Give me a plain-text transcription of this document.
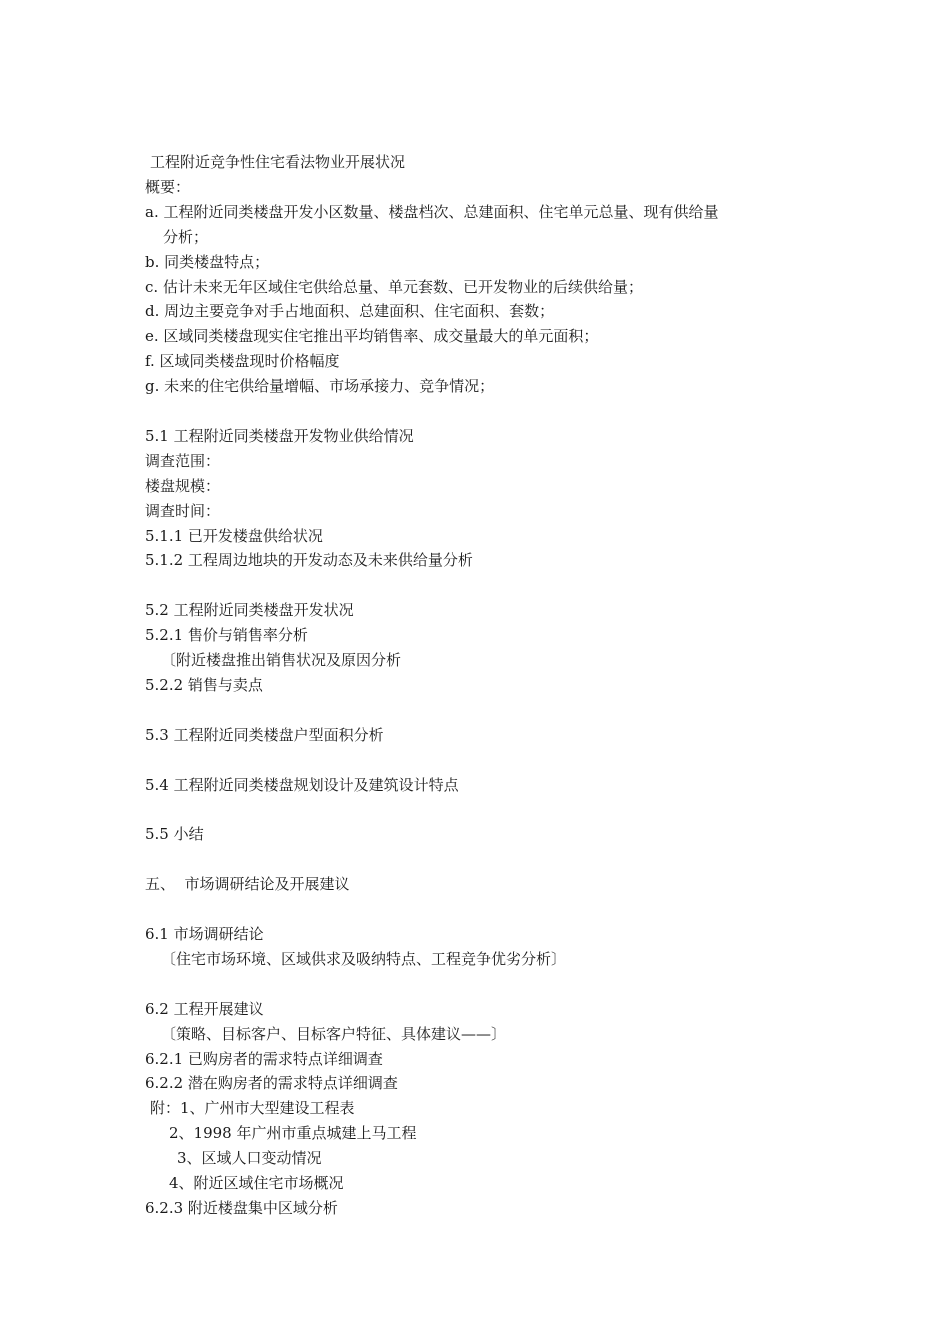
工程附近竞争性住宅看法物业开展状况

概要：

a. 工程附近同类楼盘开发小区数量、楼盘档次、总建面积、住宅单元总量、现有供给量

分析；

b. 同类楼盘特点；

c. 估计未来无年区域住宅供给总量、单元套数、已开发物业的后续供给量；

d. 周边主要竞争对手占地面积、总建面积、住宅面积、套数；

e. 区域同类楼盘现实住宅推出平均销售率、成交量最大的单元面积；

f. 区域同类楼盘现时价格幅度

g. 未来的住宅供给量增幅、市场承接力、竞争情况；

5.1 工程附近同类楼盘开发物业供给情况

调查范围：

楼盘规模：

调查时间：

5.1.1 已开发楼盘供给状况

5.1.2 工程周边地块的开发动态及未来供给量分析

5.2 工程附近同类楼盘开发状况

5.2.1 售价与销售率分析

〔附近楼盘推出销售状况及原因分析

5.2.2 销售与卖点

5.3 工程附近同类楼盘户型面积分析

5.4 工程附近同类楼盘规划设计及建筑设计特点

5.5 小结

五、  市场调研结论及开展建议

6.1 市场调研结论

〔住宅市场环境、区域供求及吸纳特点、工程竞争优劣分析〕

6.2 工程开展建议

〔策略、目标客户、目标客户特征、具体建议——〕

6.2.1 已购房者的需求特点详细调查

6.2.2 潜在购房者的需求特点详细调查

附：1、广州市大型建设工程表

2、1998 年广州市重点城建上马工程

3、区域人口变动情况

4、附近区域住宅市场概况

6.2.3 附近楼盘集中区域分析
